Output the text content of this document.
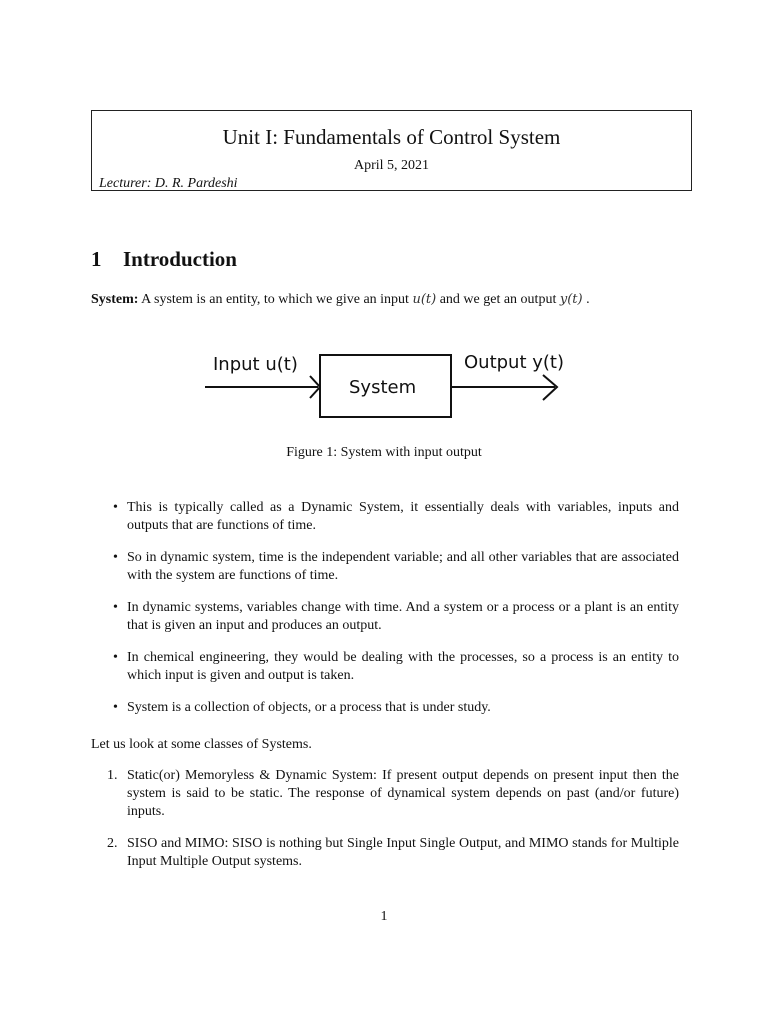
Unit I: Fundamentals of Control System
April 5, 2021
Lecturer: D. R. Pardeshi
1 Introduction
System: A system is an entity, to which we give an input u(t) and we get an output y(t) .
Input u(t)
System
Output y(t)
Figure 1: System with input output
• This is typically called as a Dynamic System, it essentially deals with variables, inputs and outputs that are functions of time.
• So in dynamic system, time is the independent variable; and all other variables that are associated with the system are functions of time.
• In dynamic systems, variables change with time. And a system or a process or a plant is an entity that is given an input and produces an output.
• In chemical engineering, they would be dealing with the processes, so a process is an entity to which input is given and output is taken.
• System is a collection of objects, or a process that is under study.
Let us look at some classes of Systems.
1. Static(or) Memoryless & Dynamic System: If present output depends on present input then the system is said to be static. The response of dynamical system depends on past (and/or future) inputs.
2. SISO and MIMO: SISO is nothing but Single Input Single Output, and MIMO stands for Multiple Input Multiple Output systems.
1
